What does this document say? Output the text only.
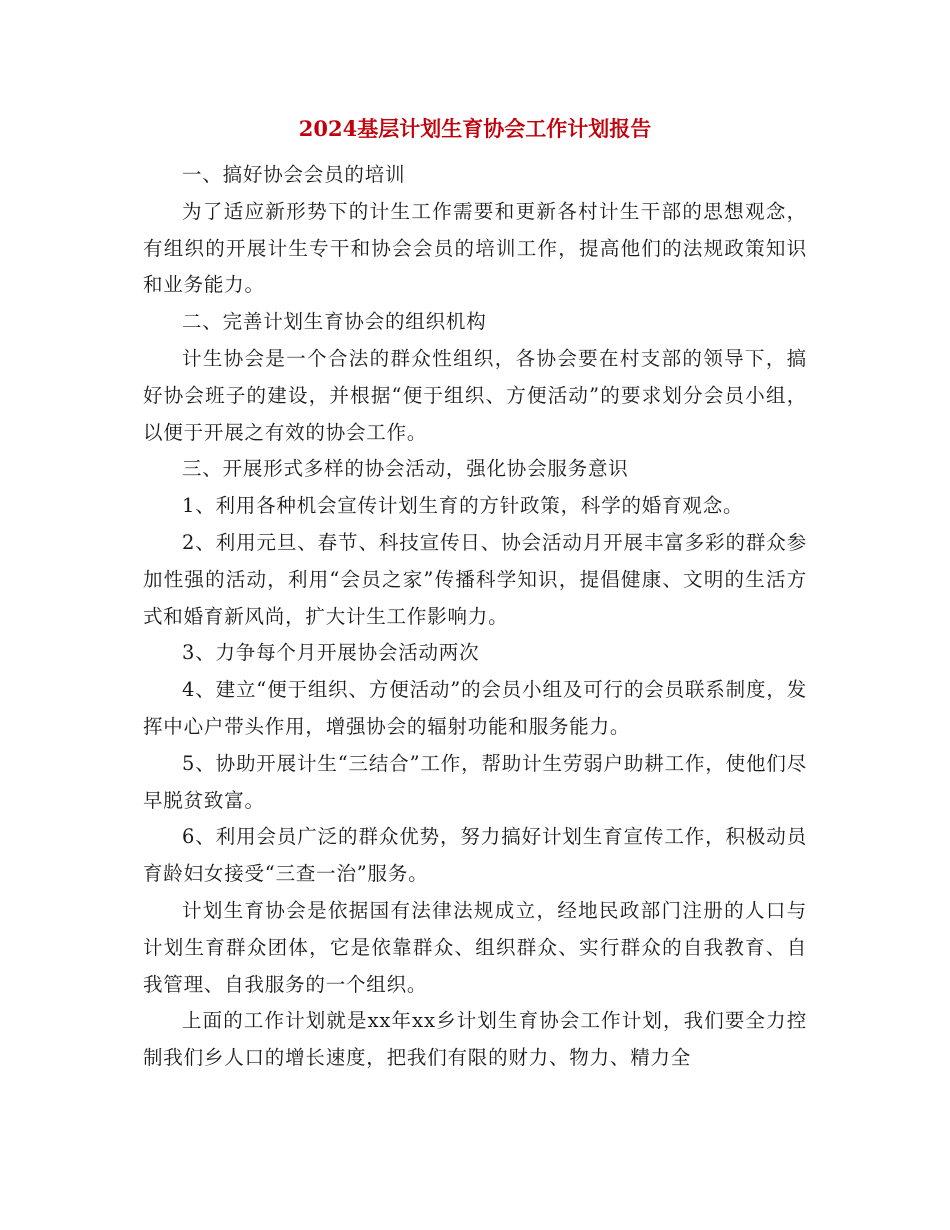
2024基层计划生育协会工作计划报告

一、搞好协会会员的培训

为了适应新形势下的计生工作需要和更新各村计生干部的思想观念，有组织的开展计生专干和协会会员的培训工作，提高他们的法规政策知识和业务能力。

二、完善计划生育协会的组织机构

计生协会是一个合法的群众性组织，各协会要在村支部的领导下，搞好协会班子的建设，并根据“便于组织、方便活动”的要求划分会员小组，以便于开展之有效的协会工作。

三、开展形式多样的协会活动，强化协会服务意识

1、利用各种机会宣传计划生育的方针政策，科学的婚育观念。

2、利用元旦、春节、科技宣传日、协会活动月开展丰富多彩的群众参加性强的活动，利用“会员之家”传播科学知识，提倡健康、文明的生活方式和婚育新风尚，扩大计生工作影响力。

3、力争每个月开展协会活动两次

4、建立“便于组织、方便活动”的会员小组及可行的会员联系制度，发挥中心户带头作用，增强协会的辐射功能和服务能力。

5、协助开展计生“三结合”工作，帮助计生劳弱户助耕工作，使他们尽早脱贫致富。

6、利用会员广泛的群众优势，努力搞好计划生育宣传工作，积极动员育龄妇女接受“三查一治”服务。

计划生育协会是依据国有法律法规成立，经地民政部门注册的人口与计划生育群众团体，它是依靠群众、组织群众、实行群众的自我教育、自我管理、自我服务的一个组织。

上面的工作计划就是xx年xx乡计划生育协会工作计划，我们要全力控制我们乡人口的增长速度，把我们有限的财力、物力、精力全
